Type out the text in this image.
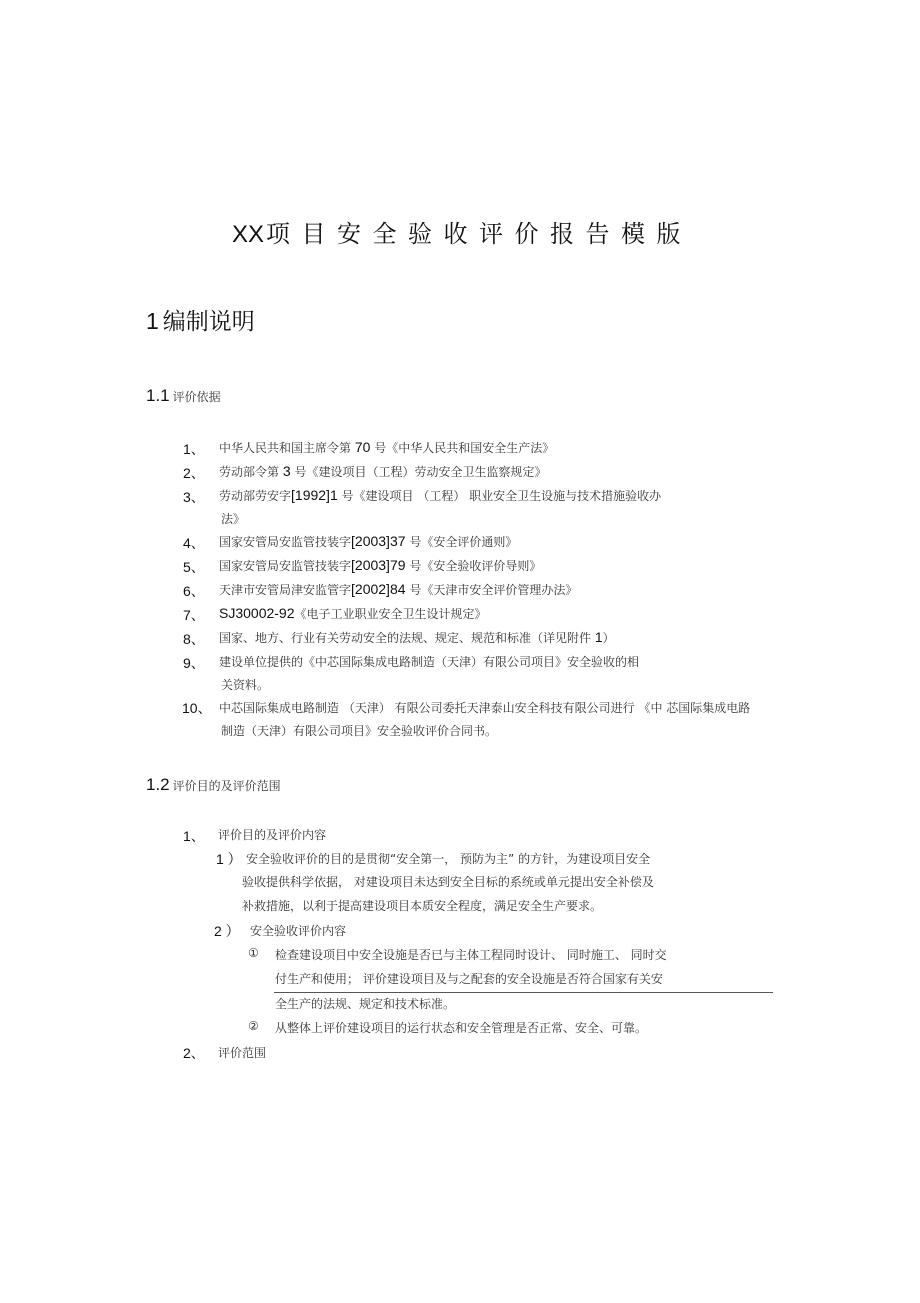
XX项目安全验收评价报告模版
1 编制说明
1.1 评价依据
1、 中华人民共和国主席令第 70 号《中华人民共和国安全生产法》
2、 劳动部令第 3 号《建设项目（工程）劳动安全卫生监察规定》
3、 劳动部劳安字[1992]1 号《建设项目 （工程） 职业安全卫生设施与技术措施验收办
法》
4、 国家安管局安监管技装字[2003]37 号《安全评价通则》
5、 国家安管局安监管技装字[2003]79 号《安全验收评价导则》
6、 天津市安管局津安监管字[2002]84 号《天津市安全评价管理办法》
7、 SJ30002-92《电子工业职业安全卫生设计规定》
8、 国家、地方、行业有关劳动安全的法规、规定、规范和标准（详见附件 1）
9、 建设单位提供的《中芯国际集成电路制造（天津）有限公司项目》安全验收的相
关资料。
10、 中芯国际集成电路制造 （天津） 有限公司委托天津泰山安全科技有限公司进行 《中 芯国际集成电路
制造（天津）有限公司项目》安全验收评价合同书。
1.2 评价目的及评价范围
1、 评价目的及评价内容
1 ） 安全验收评价的目的是贯彻“安全第一， 预防为主” 的方针，为建设项目安全
验收提供科学依据， 对建设项目未达到安全目标的系统或单元提出安全补偿及
补救措施，以利于提高建设项目本质安全程度，满足安全生产要求。
2 ） 安全验收评价内容
① 检查建设项目中安全设施是否已与主体工程同时设计、 同时施工、 同时交
付生产和使用； 评价建设项目及与之配套的安全设施是否符合国家有关安
全生产的法规、规定和技术标准。
② 从整体上评价建设项目的运行状态和安全管理是否正常、安全、可靠。
2、 评价范围
